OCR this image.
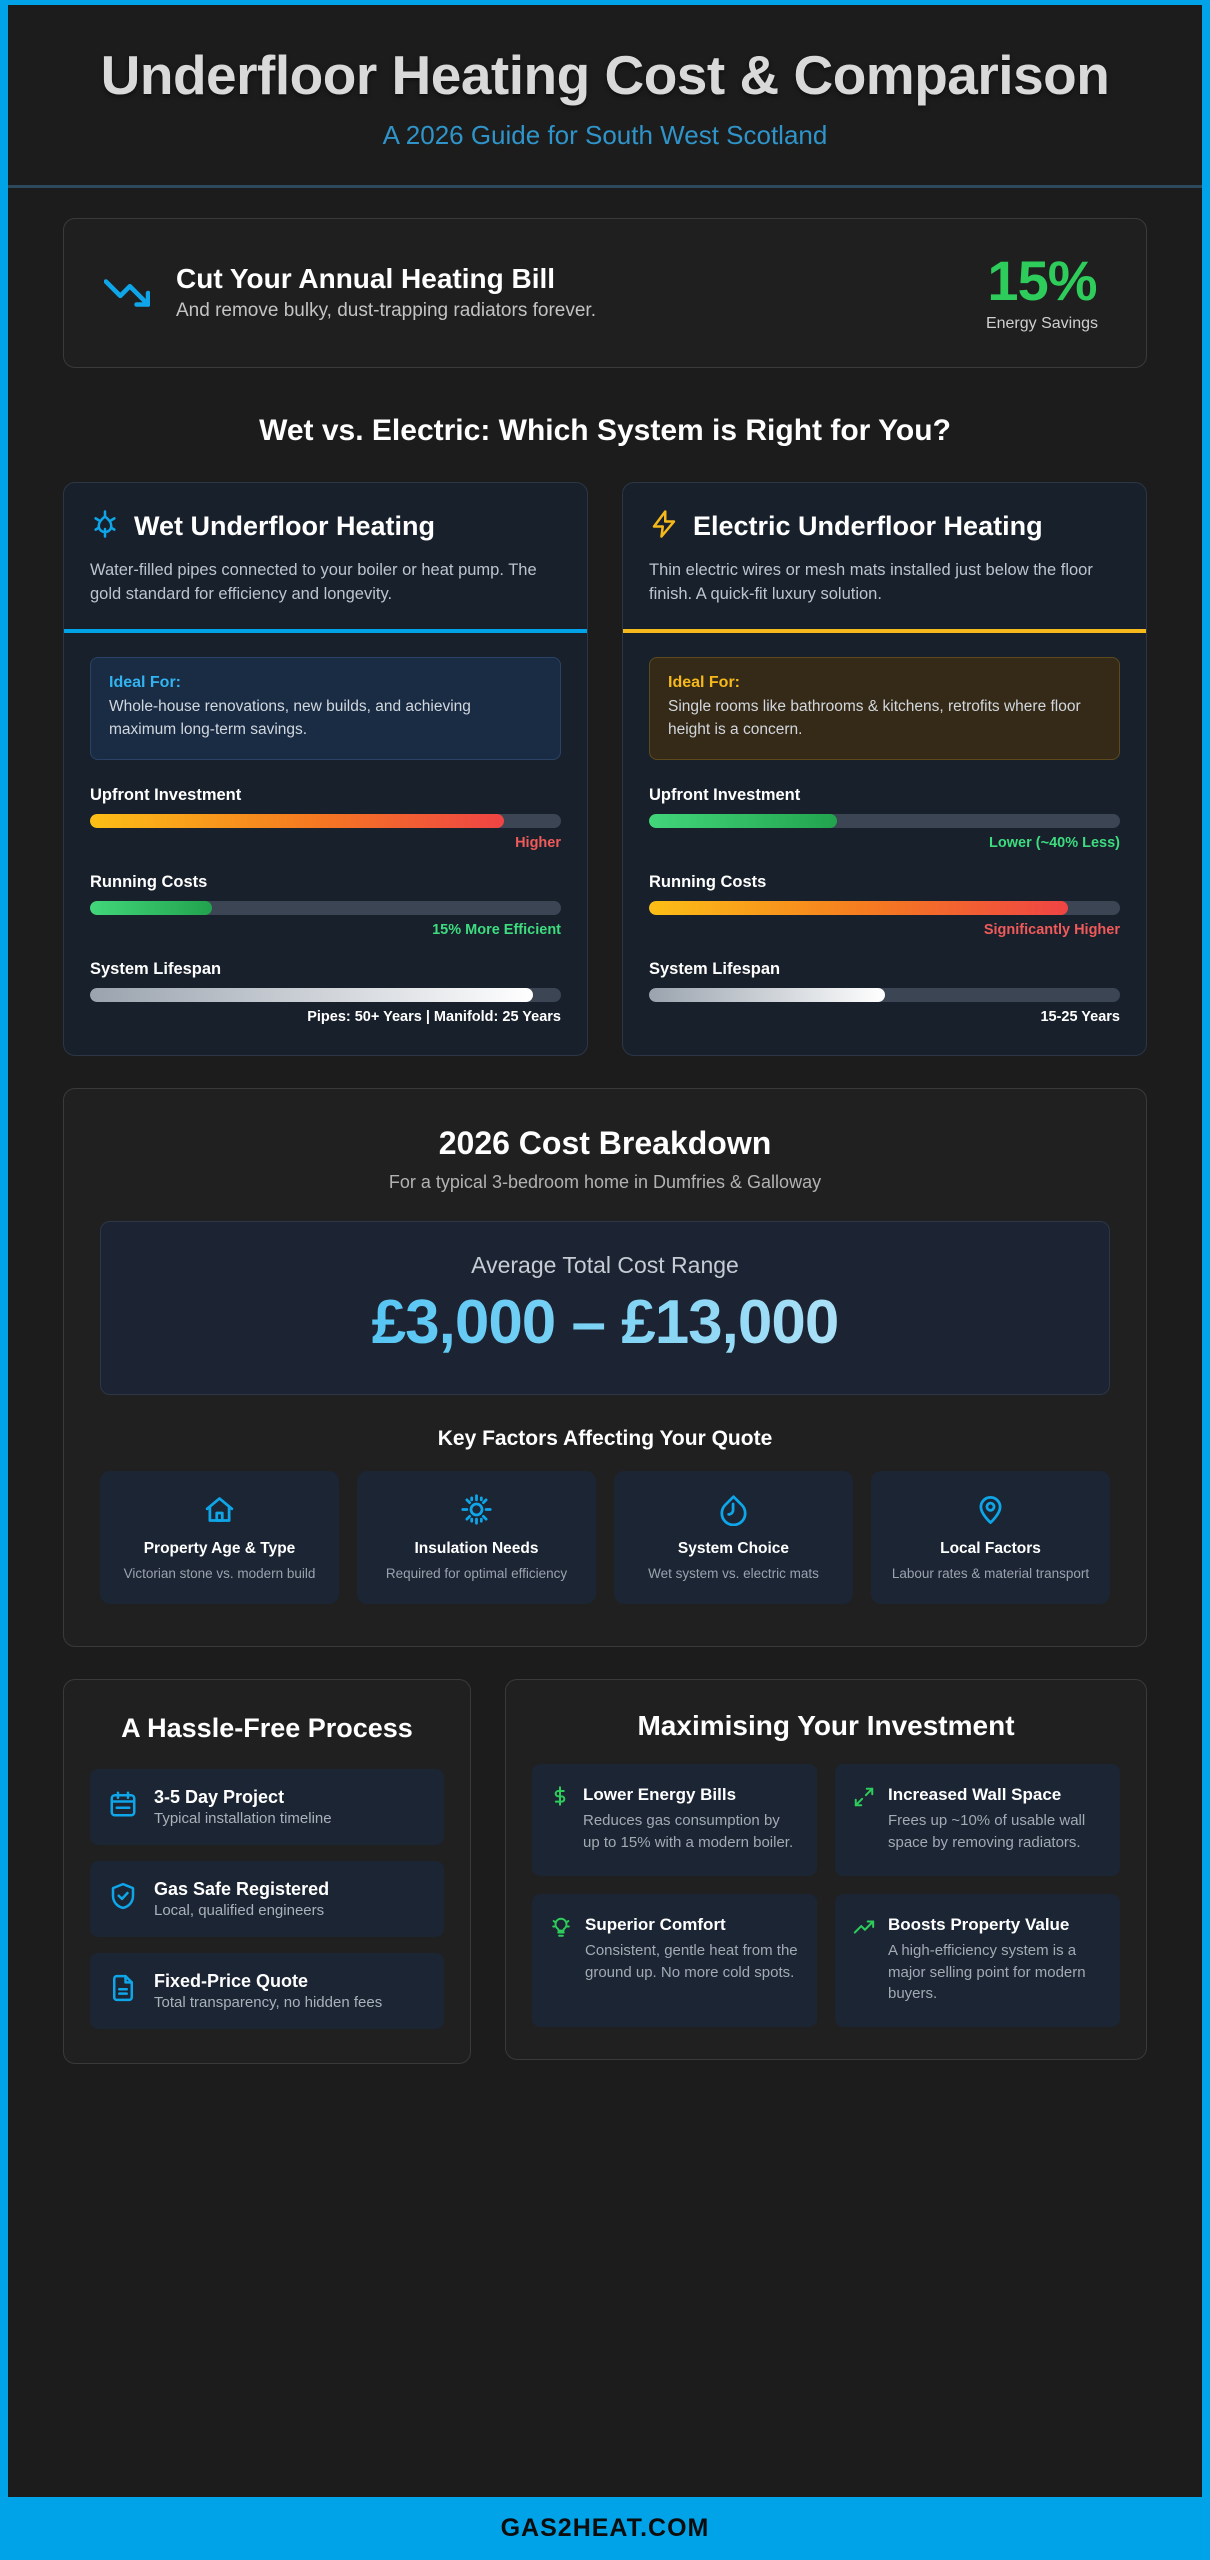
Underfloor Heating Cost & Comparison
A 2026 Guide for South West Scotland
Cut Your Annual Heating Bill

And remove bulky, dust-trapping radiators forever.	15%
Energy Savings
Wet vs. Electric: Which System is Right for You?
Wet Underfloor Heating
Water-filled pipes connected to your boiler or heat pump. The gold standard for efficiency and longevity.
Ideal For:
Whole-house renovations, new builds, and achieving maximum long-term savings.
Upfront Investment
Higher
Running Costs
15% More Efficient
System Lifespan
Pipes: 50+ Years | Manifold: 25 Years
Electric Underfloor Heating
Thin electric wires or mesh mats installed just below the floor finish. A quick-fit luxury solution.
Ideal For:
Single rooms like bathrooms & kitchens, retrofits where floor height is a concern.
Upfront Investment
Lower (~40% Less)
Running Costs
Significantly Higher
System Lifespan
15-25 Years
2026 Cost Breakdown
For a typical 3-bedroom home in Dumfries & Galloway
Average Total Cost Range
£3,000 – £13,000
Key Factors Affecting Your Quote
Property Age & Type

Victorian stone vs. modern build

Insulation Needs

Required for optimal efficiency

System Choice

Wet system vs. electric mats

Local Factors

Labour rates & material transport

A Hassle-Free Process
3-5 Day Project
Typical installation timeline
Gas Safe Registered
Local, qualified engineers
Fixed-Price Quote
Total transparency, no hidden fees
Maximising Your Investment
Lower Energy Bills

Reduces gas consumption by up to 15% with a modern boiler.

Increased Wall Space

Frees up ~10% of usable wall space by removing radiators.

Superior Comfort

Consistent, gentle heat from the ground up. No more cold spots.

Boosts Property Value

A high-efficiency system is a major selling point for modern buyers.

GAS2HEAT.COM
